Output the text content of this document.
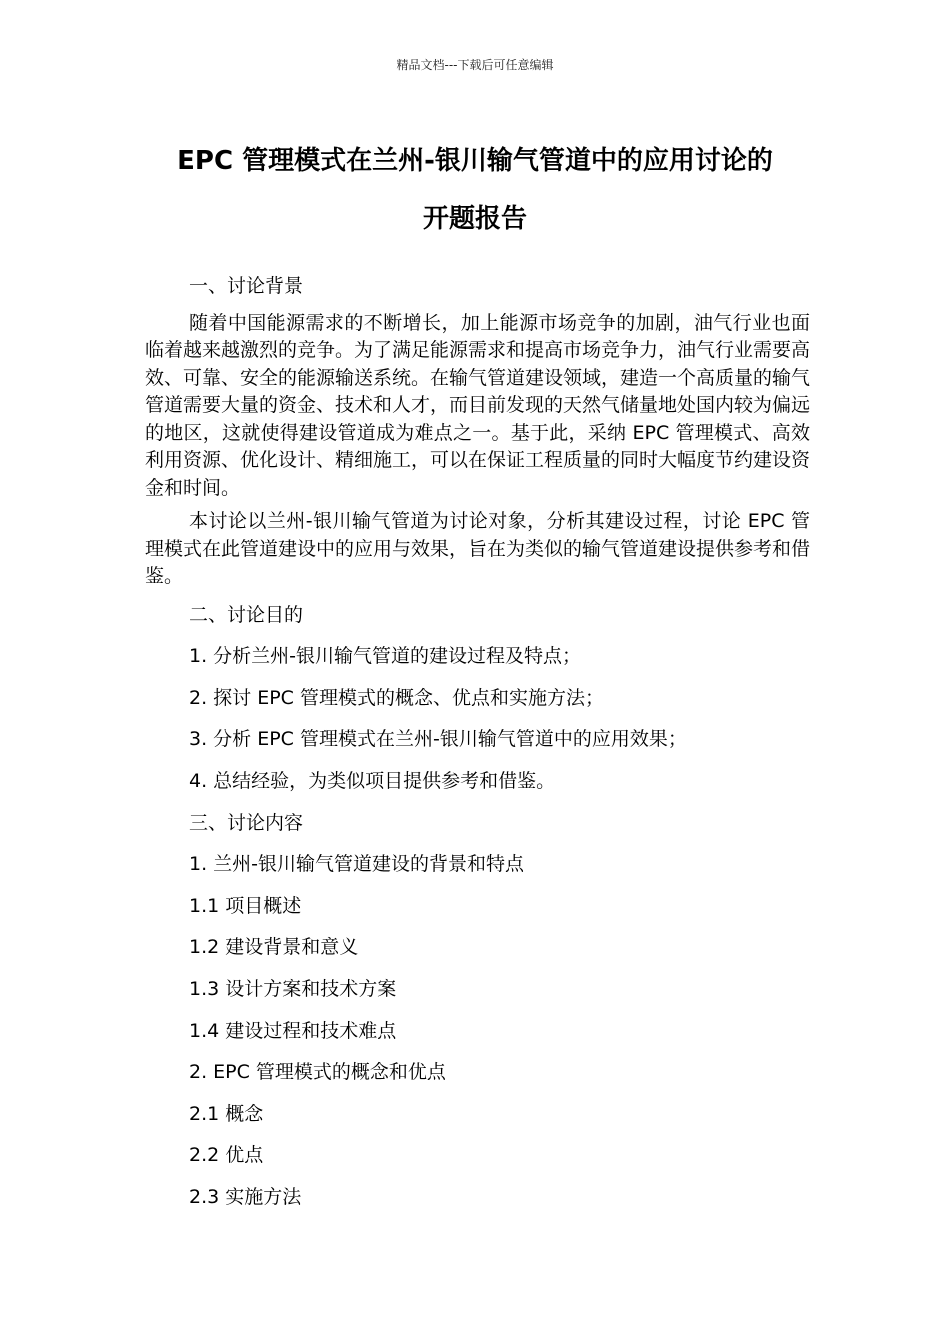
精品文档---下载后可任意编辑
EPC 管理模式在兰州-银川输气管道中的应用讨论的
开题报告
一、讨论背景

随着中国能源需求的不断增长，加上能源市场竞争的加剧，油气行业也面临着越来越激烈的竞争。为了满足能源需求和提高市场竞争力，油气行业需要高效、可靠、安全的能源输送系统。在输气管道建设领域，建造一个高质量的输气管道需要大量的资金、技术和人才，而目前发现的天然气储量地处国内较为偏远的地区，这就使得建设管道成为难点之一。基于此，采纳 EPC 管理模式、高效利用资源、优化设计、精细施工，可以在保证工程质量的同时大幅度节约建设资金和时间。

本讨论以兰州-银川输气管道为讨论对象，分析其建设过程，讨论 EPC 管理模式在此管道建设中的应用与效果，旨在为类似的输气管道建设提供参考和借鉴。

二、讨论目的
1. 分析兰州-银川输气管道的建设过程及特点；
2. 探讨 EPC 管理模式的概念、优点和实施方法；
3. 分析 EPC 管理模式在兰州-银川输气管道中的应用效果；
4. 总结经验，为类似项目提供参考和借鉴。
三、讨论内容
1. 兰州-银川输气管道建设的背景和特点
1.1 项目概述
1.2 建设背景和意义
1.3 设计方案和技术方案
1.4 建设过程和技术难点
2. EPC 管理模式的概念和优点
2.1 概念
2.2 优点
2.3 实施方法
